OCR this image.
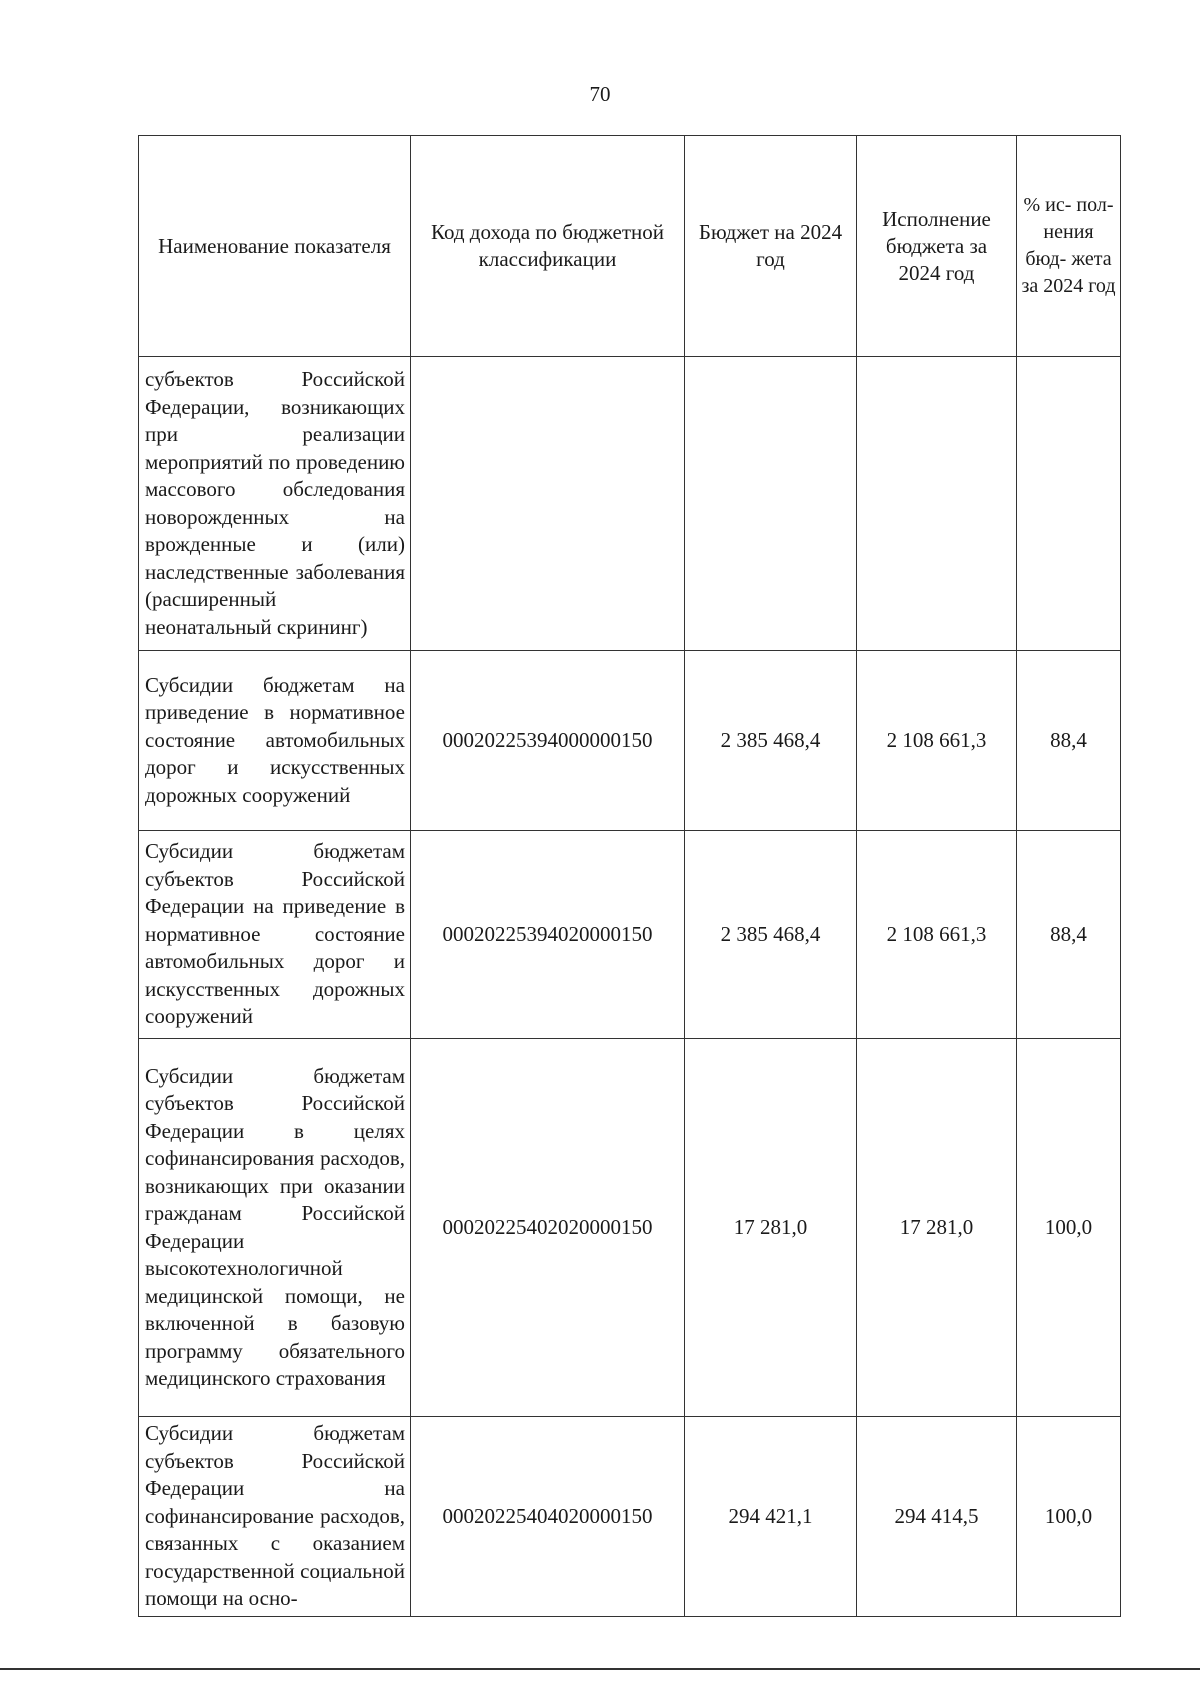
70
Наименование показателя	Код дохода по бюджетной классификации	Бюджет на 2024 год	Исполнение бюджета за 2024 год	% ис- пол- нения бюд- жета за 2024 год
субъектов Российской Федерации, возникающих при реализации мероприятий по проведению массового обследования новорожденных на врожденные и (или) наследственные заболевания (расширенный неонатальный скрининг)				
Субсидии бюджетам на приведение в нормативное состояние автомобильных дорог и искусственных дорожных сооружений	00020225394000000150	2 385 468,4	2 108 661,3	88,4
Субсидии бюджетам субъектов Российской Федерации на приведение в нормативное состояние автомобильных дорог и искусственных дорожных сооружений	00020225394020000150	2 385 468,4	2 108 661,3	88,4
Субсидии бюджетам субъектов Российской Федерации в целях софинансирования расходов, возникающих при оказании гражданам Российской Федерации высокотехнологичной медицинской помощи, не включенной в базовую программу обязательного медицинского страхования	00020225402020000150	17 281,0	17 281,0	100,0
Субсидии бюджетам субъектов Российской Федерации на софинансирование расходов, связанных с оказанием государственной социальной помощи на осно-	00020225404020000150	294 421,1	294 414,5	100,0
